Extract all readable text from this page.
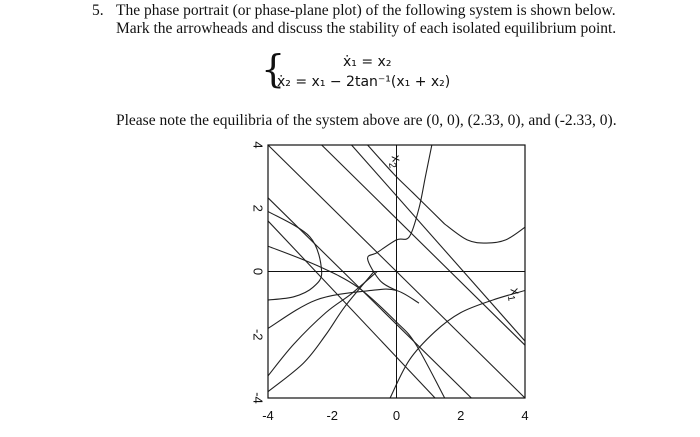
5. The phase portrait (or phase-plane plot) of the following system is shown below.
Mark the arrowheads and discuss the stability of each isolated equilibrium point.
{	ẋ₁ = x₂
ẋ₂ = x₁ − 2tan⁻¹(x₁ + x₂)
Please note the equilibria of the system above are (0, 0), (2.33, 0), and (-2.33, 0).
-4	-2	0	2	4
4
2
0
-2
-4
$x_1$
$x_2$
